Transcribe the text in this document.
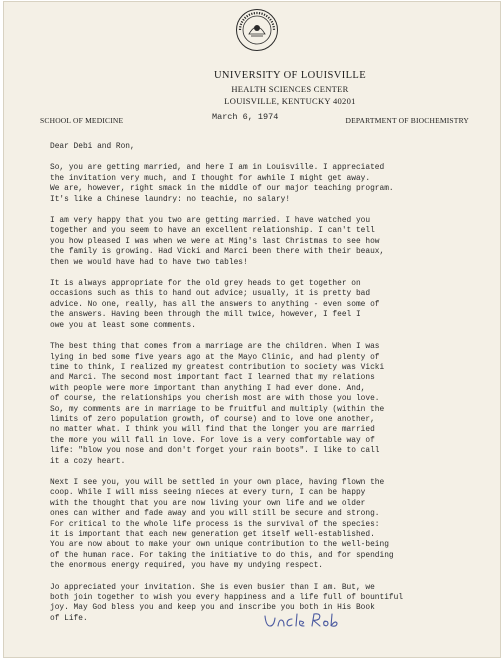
UNIVERSITY OF LOUISVILLE
HEALTH SCIENCES CENTER
LOUISVILLE, KENTUCKY 40201
SCHOOL OF MEDICINE	March 6, 1974	DEPARTMENT OF BIOCHEMISTRY

Dear Debi and Ron,

So, you are getting married, and here I am in Louisville. I appreciated
the invitation very much, and I thought for awhile I might get away.
We are, however, right smack in the middle of our major teaching program.
It's like a Chinese laundry: no teachie, no salary!

I am very happy that you two are getting married. I have watched you
together and you seem to have an excellent relationship. I can't tell
you how pleased I was when we were at Ming's last Christmas to see how
the family is growing. Had Vicki and Marci been there with their beaux,
then we would have had to have two tables!

It is always appropriate for the old grey heads to get together on
occasions such as this to hand out advice; usually, it is pretty bad
advice. No one, really, has all the answers to anything - even some of
the answers. Having been through the mill twice, however, I feel I
owe you at least some comments.

The best thing that comes from a marriage are the children. When I was
lying in bed some five years ago at the Mayo Clinic, and had plenty of
time to think, I realized my greatest contribution to society was Vicki
and Marci. The second most important fact I learned that my relations
with people were more important than anything I had ever done. And,
of course, the relationships you cherish most are with those you love.
So, my comments are in marriage to be fruitful and multiply (within the
limits of zero population growth, of course) and to love one another,
no matter what. I think you will find that the longer you are married
the more you will fall in love. For love is a very comfortable way of
life: "blow you nose and don't forget your rain boots". I like to call
it a cozy heart.

Next I see you, you will be settled in your own place, having flown the
coop. While I will miss seeing nieces at every turn, I can be happy
with the thought that you are now living your own life and we older
ones can wither and fade away and you will still be secure and strong.
For critical to the whole life process is the survival of the species:
it is important that each new generation get itself well-established.
You are now about to make your own unique contribution to the well-being
of the human race. For taking the initiative to do this, and for spending
the enormous energy required, you have my undying respect.

Jo appreciated your invitation. She is even busier than I am. But, we
both join together to wish you every happiness and a life full of bountiful
joy. May God bless you and keep you and inscribe you both in His Book
of Life.
